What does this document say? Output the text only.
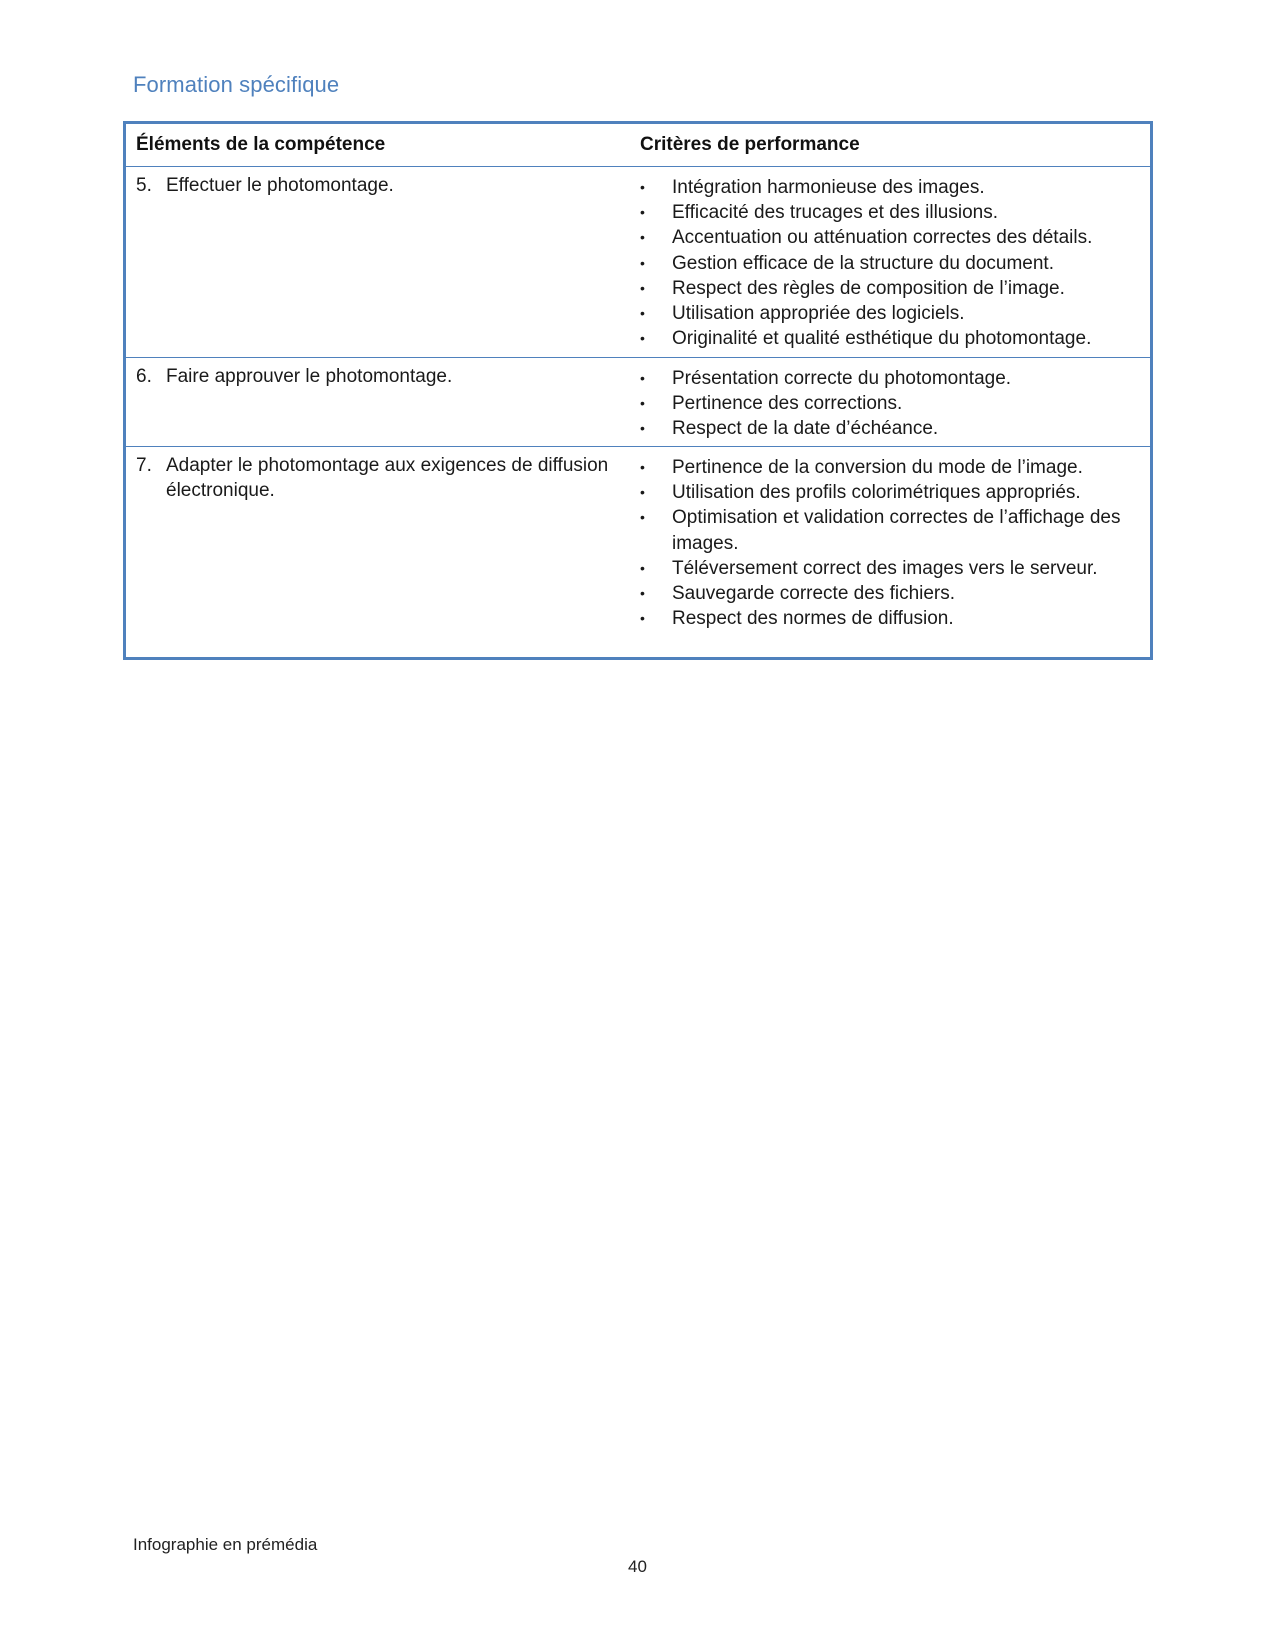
Formation spécifique
Éléments de la compétence	Critères de performance
5. Effectuer le photomontage.	•	Intégration harmonieuse des images.
•	Efficacité des trucages et des illusions.
•	Accentuation ou atténuation correctes des détails.
•	Gestion efficace de la structure du document.
•	Respect des règles de composition de l’image.
•	Utilisation appropriée des logiciels.
•	Originalité et qualité esthétique du photomontage.
6. Faire approuver le photomontage.	•	Présentation correcte du photomontage.
•	Pertinence des corrections.
•	Respect de la date d’échéance.
7. Adapter le photomontage aux exigences de diffusion électronique.
•	Pertinence de la conversion du mode de l’image.
•	Utilisation des profils colorimétriques appropriés.
•	Optimisation et validation correctes de l’affichage des images.
•	Téléversement correct des images vers le serveur.
•	Sauvegarde correcte des fichiers.
•	Respect des normes de diffusion.
Infographie en prémédia
40
